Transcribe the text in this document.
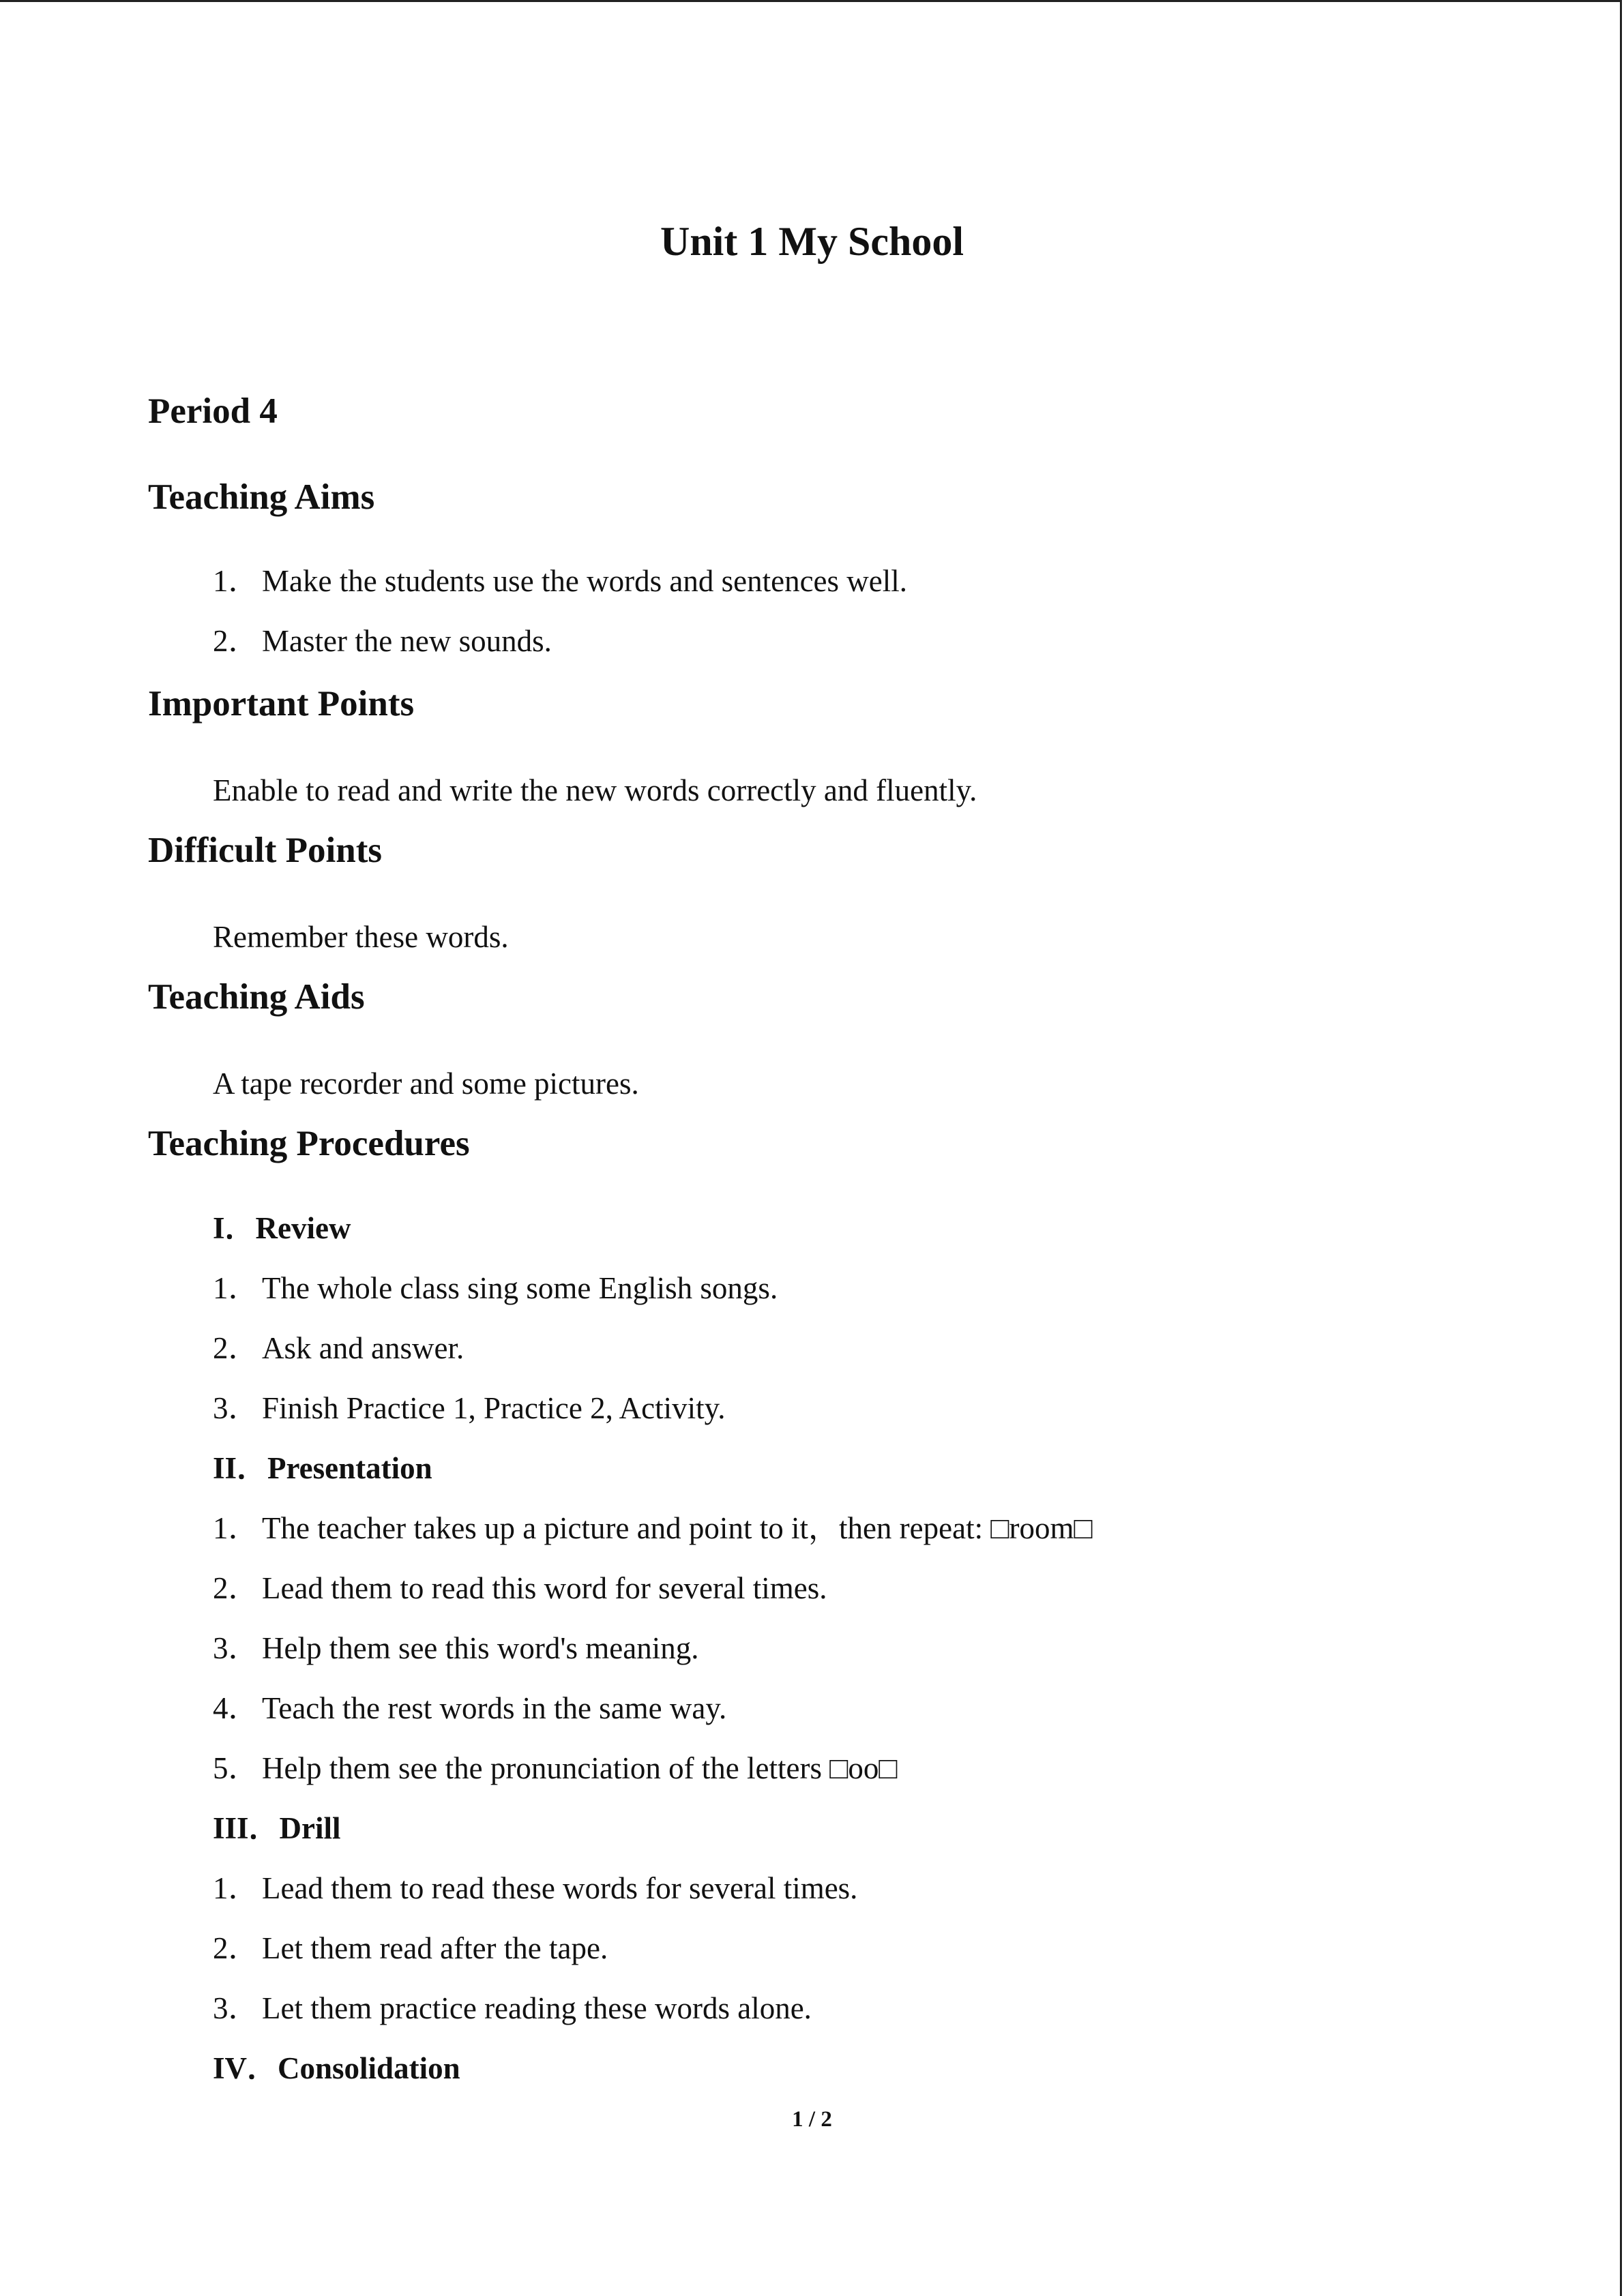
Unit 1 My School
Period 4
Teaching Aims
1．Make the students use the words and sentences well.
2．Master the new sounds.
Important Points
Enable to read and write the new words correctly and fluently.
Difficult Points
Remember these words.
Teaching Aids
A tape recorder and some pictures.
Teaching Procedures
I．Review
1．The whole class sing some English songs.
2．Ask and answer.
3．Finish Practice 1, Practice 2, Activity.
II．Presentation
1．The teacher takes up a picture and point to it，then repeat: □room□
2．Lead them to read this word for several times.
3．Help them see this word's meaning.
4．Teach the rest words in the same way.
5．Help them see the pronunciation of the letters □oo□
III．Drill
1．Lead them to read these words for several times.
2．Let them read after the tape.
3．Let them practice reading these words alone.
IV．Consolidation
1 / 2
